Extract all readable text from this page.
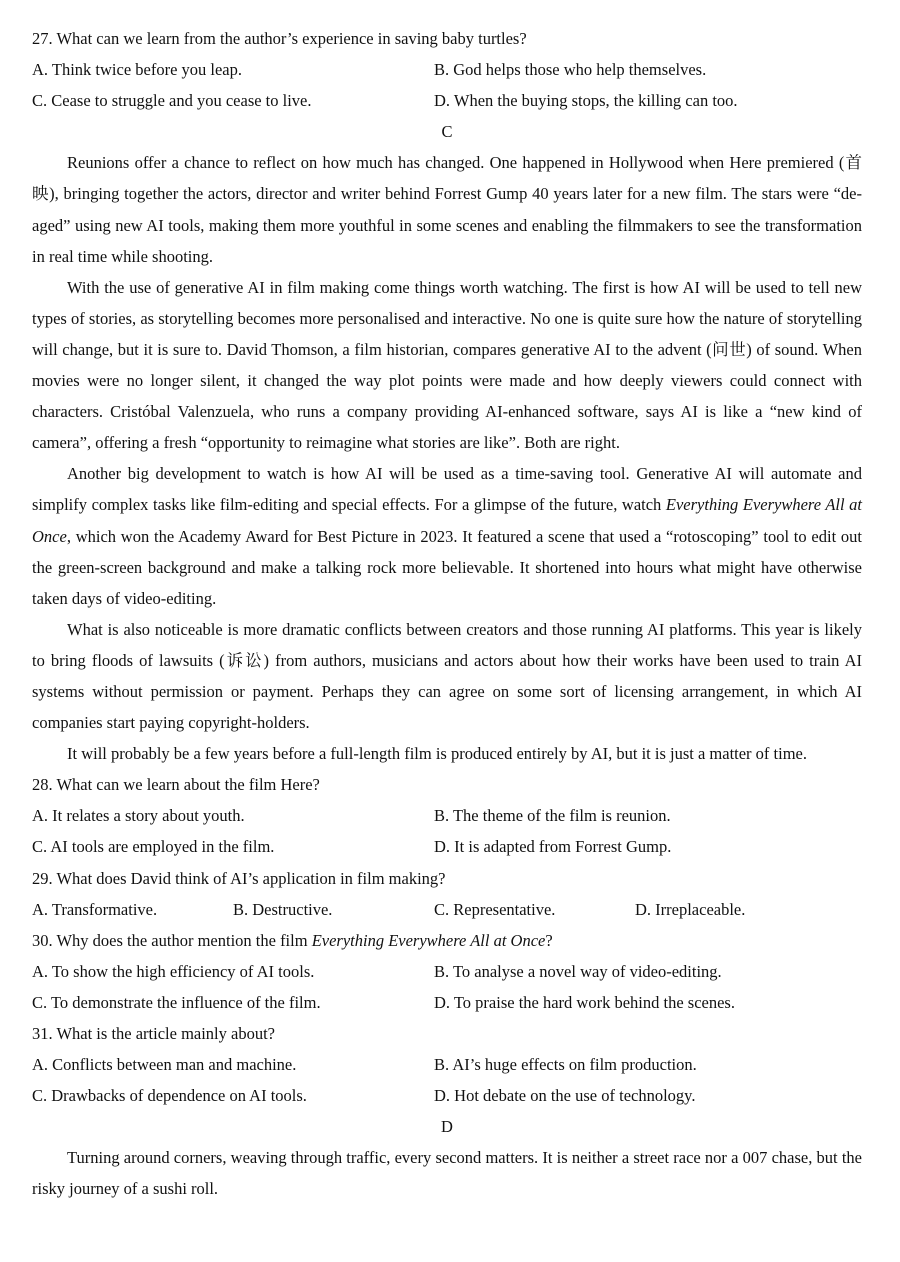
27. What can we learn from the author’s experience in saving baby turtles?
A. Think twice before you leap.	B. God helps those who help themselves.
C. Cease to struggle and you cease to live.	D. When the buying stops, the killing can too.
C

Reunions offer a chance to reflect on how much has changed. One happened in Hollywood when Here premiered (首映), bringing together the actors, director and writer behind Forrest Gump 40 years later for a new film. The stars were “de-aged” using new AI tools, making them more youthful in some scenes and enabling the filmmakers to see the transformation in real time while shooting.

With the use of generative AI in film making come things worth watching. The first is how AI will be used to tell new types of stories, as storytelling becomes more personalised and interactive. No one is quite sure how the nature of storytelling will change, but it is sure to. David Thomson, a film historian, compares generative AI to the advent (问世) of sound. When movies were no longer silent, it changed the way plot points were made and how deeply viewers could connect with characters. Cristóbal Valenzuela, who runs a company providing AI-enhanced software, says AI is like a “new kind of camera”, offering a fresh “opportunity to reimagine what stories are like”. Both are right.

Another big development to watch is how AI will be used as a time-saving tool. Generative AI will automate and simplify complex tasks like film-editing and special effects. For a glimpse of the future, watch Everything Everywhere All at Once, which won the Academy Award for Best Picture in 2023. It featured a scene that used a “rotoscoping” tool to edit out the green-screen background and make a talking rock more believable. It shortened into hours what might have otherwise taken days of video-editing.

What is also noticeable is more dramatic conflicts between creators and those running AI platforms. This year is likely to bring floods of lawsuits (诉讼) from authors, musicians and actors about how their works have been used to train AI systems without permission or payment. Perhaps they can agree on some sort of licensing arrangement, in which AI companies start paying copyright-holders.

It will probably be a few years before a full-length film is produced entirely by AI, but it is just a matter of time.

28. What can we learn about the film Here?
A. It relates a story about youth.	B. The theme of the film is reunion.
C. AI tools are employed in the film.	D. It is adapted from Forrest Gump.
29. What does David think of AI’s application in film making?
A. Transformative.	B. Destructive.	C. Representative.	D. Irreplaceable.
30. Why does the author mention the film Everything Everywhere All at Once?
A. To show the high efficiency of AI tools.	B. To analyse a novel way of video-editing.
C. To demonstrate the influence of the film.	D. To praise the hard work behind the scenes.
31. What is the article mainly about?
A. Conflicts between man and machine.	B. AI’s huge effects on film production.
C. Drawbacks of dependence on AI tools.	D. Hot debate on the use of technology.
D

Turning around corners, weaving through traffic, every second matters. It is neither a street race nor a 007 chase, but the risky journey of a sushi roll.
